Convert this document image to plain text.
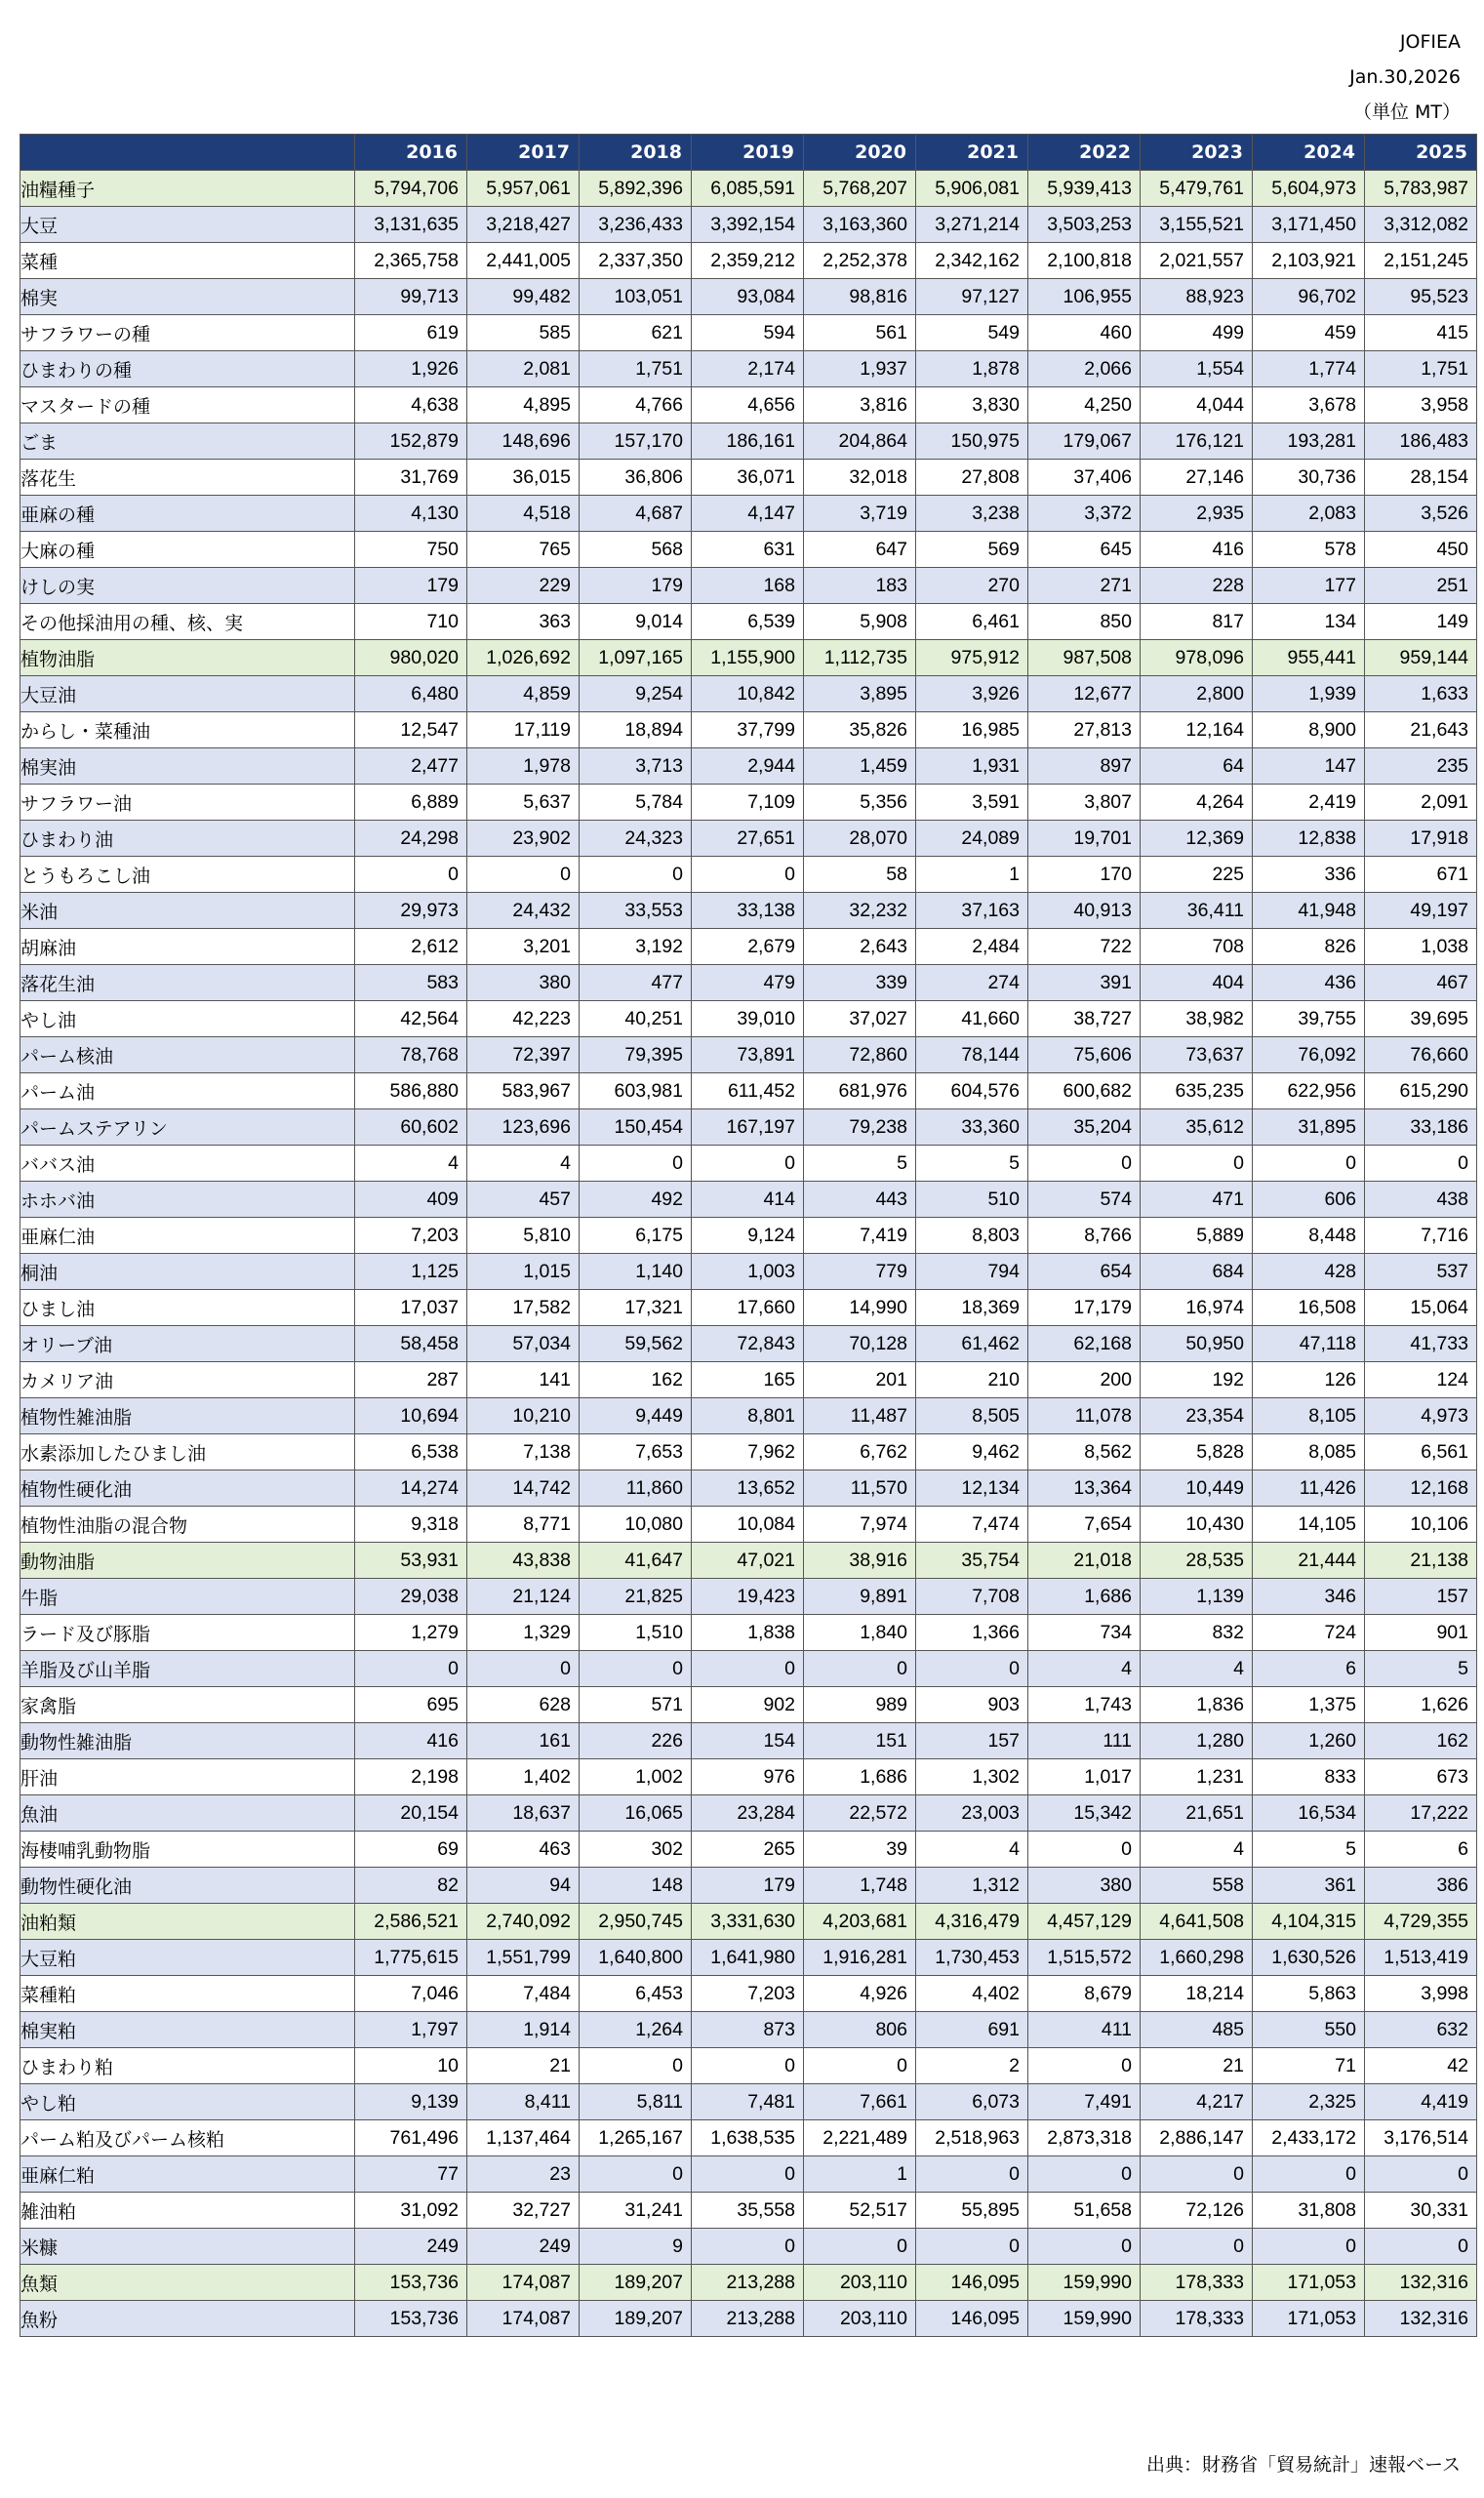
JOFIEA
Jan.30,2026
（単位 MT）
	2016	2017	2018	2019	2020	2021	2022	2023	2024	2025
油糧種子	5,794,706	5,957,061	5,892,396	6,085,591	5,768,207	5,906,081	5,939,413	5,479,761	5,604,973	5,783,987
大豆	3,131,635	3,218,427	3,236,433	3,392,154	3,163,360	3,271,214	3,503,253	3,155,521	3,171,450	3,312,082
菜種	2,365,758	2,441,005	2,337,350	2,359,212	2,252,378	2,342,162	2,100,818	2,021,557	2,103,921	2,151,245
棉実	99,713	99,482	103,051	93,084	98,816	97,127	106,955	88,923	96,702	95,523
サフラワーの種	619	585	621	594	561	549	460	499	459	415
ひまわりの種	1,926	2,081	1,751	2,174	1,937	1,878	2,066	1,554	1,774	1,751
マスタードの種	4,638	4,895	4,766	4,656	3,816	3,830	4,250	4,044	3,678	3,958
ごま	152,879	148,696	157,170	186,161	204,864	150,975	179,067	176,121	193,281	186,483
落花生	31,769	36,015	36,806	36,071	32,018	27,808	37,406	27,146	30,736	28,154
亜麻の種	4,130	4,518	4,687	4,147	3,719	3,238	3,372	2,935	2,083	3,526
大麻の種	750	765	568	631	647	569	645	416	578	450
けしの実	179	229	179	168	183	270	271	228	177	251
その他採油用の種、核、実	710	363	9,014	6,539	5,908	6,461	850	817	134	149
植物油脂	980,020	1,026,692	1,097,165	1,155,900	1,112,735	975,912	987,508	978,096	955,441	959,144
大豆油	6,480	4,859	9,254	10,842	3,895	3,926	12,677	2,800	1,939	1,633
からし・菜種油	12,547	17,119	18,894	37,799	35,826	16,985	27,813	12,164	8,900	21,643
棉実油	2,477	1,978	3,713	2,944	1,459	1,931	897	64	147	235
サフラワー油	6,889	5,637	5,784	7,109	5,356	3,591	3,807	4,264	2,419	2,091
ひまわり油	24,298	23,902	24,323	27,651	28,070	24,089	19,701	12,369	12,838	17,918
とうもろこし油	0	0	0	0	58	1	170	225	336	671
米油	29,973	24,432	33,553	33,138	32,232	37,163	40,913	36,411	41,948	49,197
胡麻油	2,612	3,201	3,192	2,679	2,643	2,484	722	708	826	1,038
落花生油	583	380	477	479	339	274	391	404	436	467
やし油	42,564	42,223	40,251	39,010	37,027	41,660	38,727	38,982	39,755	39,695
パーム核油	78,768	72,397	79,395	73,891	72,860	78,144	75,606	73,637	76,092	76,660
パーム油	586,880	583,967	603,981	611,452	681,976	604,576	600,682	635,235	622,956	615,290
パームステアリン	60,602	123,696	150,454	167,197	79,238	33,360	35,204	35,612	31,895	33,186
ババス油	4	4	0	0	5	5	0	0	0	0
ホホバ油	409	457	492	414	443	510	574	471	606	438
亜麻仁油	7,203	5,810	6,175	9,124	7,419	8,803	8,766	5,889	8,448	7,716
桐油	1,125	1,015	1,140	1,003	779	794	654	684	428	537
ひまし油	17,037	17,582	17,321	17,660	14,990	18,369	17,179	16,974	16,508	15,064
オリーブ油	58,458	57,034	59,562	72,843	70,128	61,462	62,168	50,950	47,118	41,733
カメリア油	287	141	162	165	201	210	200	192	126	124
植物性雑油脂	10,694	10,210	9,449	8,801	11,487	8,505	11,078	23,354	8,105	4,973
水素添加したひまし油	6,538	7,138	7,653	7,962	6,762	9,462	8,562	5,828	8,085	6,561
植物性硬化油	14,274	14,742	11,860	13,652	11,570	12,134	13,364	10,449	11,426	12,168
植物性油脂の混合物	9,318	8,771	10,080	10,084	7,974	7,474	7,654	10,430	14,105	10,106
動物油脂	53,931	43,838	41,647	47,021	38,916	35,754	21,018	28,535	21,444	21,138
牛脂	29,038	21,124	21,825	19,423	9,891	7,708	1,686	1,139	346	157
ラード及び豚脂	1,279	1,329	1,510	1,838	1,840	1,366	734	832	724	901
羊脂及び山羊脂	0	0	0	0	0	0	4	4	6	5
家禽脂	695	628	571	902	989	903	1,743	1,836	1,375	1,626
動物性雑油脂	416	161	226	154	151	157	111	1,280	1,260	162
肝油	2,198	1,402	1,002	976	1,686	1,302	1,017	1,231	833	673
魚油	20,154	18,637	16,065	23,284	22,572	23,003	15,342	21,651	16,534	17,222
海棲哺乳動物脂	69	463	302	265	39	4	0	4	5	6
動物性硬化油	82	94	148	179	1,748	1,312	380	558	361	386
油粕類	2,586,521	2,740,092	2,950,745	3,331,630	4,203,681	4,316,479	4,457,129	4,641,508	4,104,315	4,729,355
大豆粕	1,775,615	1,551,799	1,640,800	1,641,980	1,916,281	1,730,453	1,515,572	1,660,298	1,630,526	1,513,419
菜種粕	7,046	7,484	6,453	7,203	4,926	4,402	8,679	18,214	5,863	3,998
棉実粕	1,797	1,914	1,264	873	806	691	411	485	550	632
ひまわり粕	10	21	0	0	0	2	0	21	71	42
やし粕	9,139	8,411	5,811	7,481	7,661	6,073	7,491	4,217	2,325	4,419
パーム粕及びパーム核粕	761,496	1,137,464	1,265,167	1,638,535	2,221,489	2,518,963	2,873,318	2,886,147	2,433,172	3,176,514
亜麻仁粕	77	23	0	0	1	0	0	0	0	0
雑油粕	31,092	32,727	31,241	35,558	52,517	55,895	51,658	72,126	31,808	30,331
米糠	249	249	9	0	0	0	0	0	0	0
魚類	153,736	174,087	189,207	213,288	203,110	146,095	159,990	178,333	171,053	132,316
魚粉	153,736	174,087	189,207	213,288	203,110	146,095	159,990	178,333	171,053	132,316
出典：財務省「貿易統計」速報ベース
